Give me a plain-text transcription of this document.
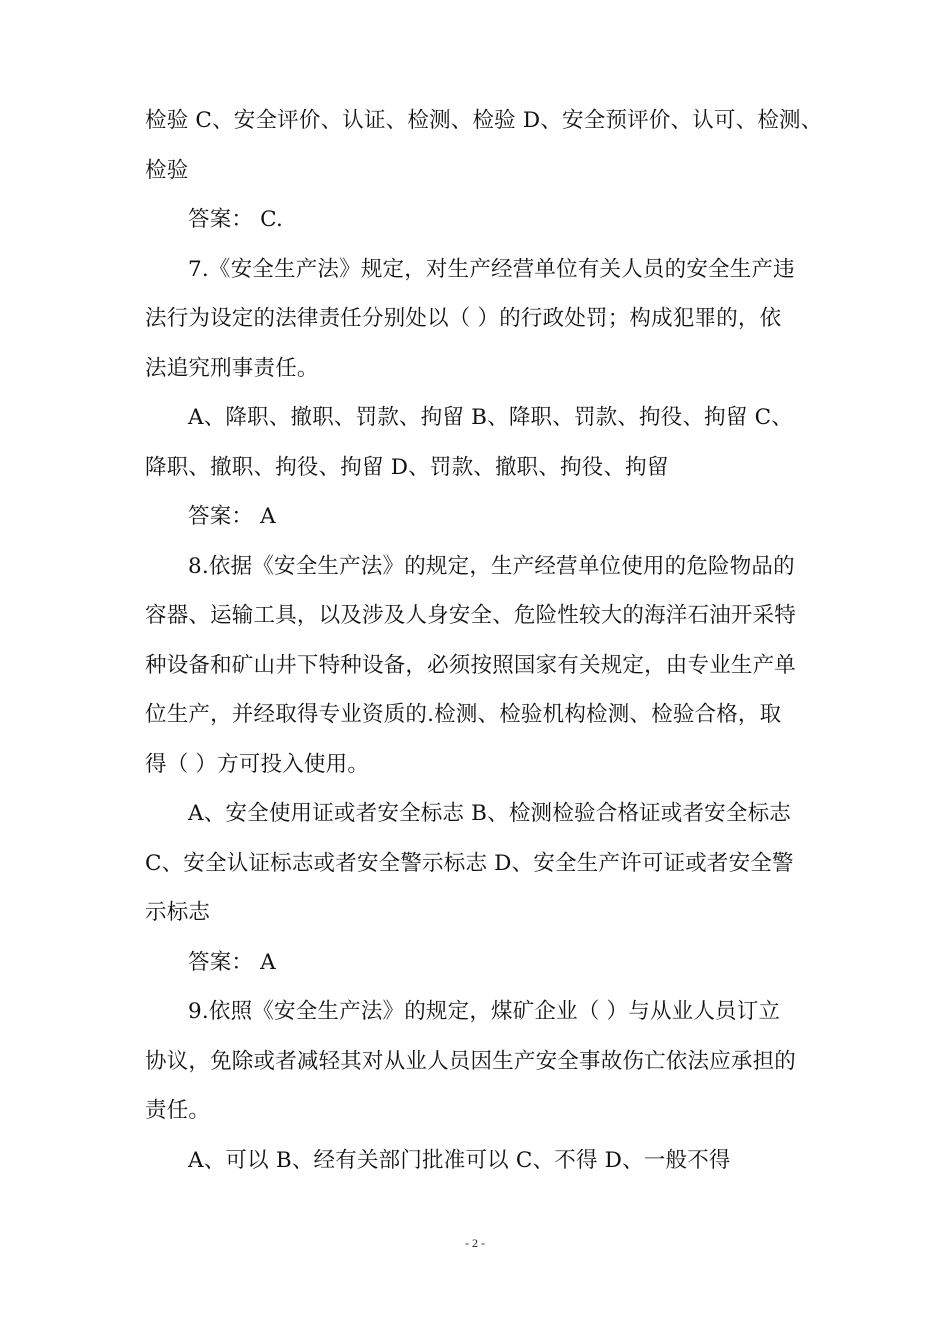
检验 C、安全评价、认证、检测、检验 D、安全预评价、认可、检测、
检验

答案： C.

7.《安全生产法》规定，对生产经营单位有关人员的安全生产违
法行为设定的法律责任分别处以（ ）的行政处罚；构成犯罪的，依
法追究刑事责任。

A、降职、撤职、罚款、拘留 B、降职、罚款、拘役、拘留 C、
降职、撤职、拘役、拘留 D、罚款、撤职、拘役、拘留

答案： A

8.依据《安全生产法》的规定，生产经营单位使用的危险物品的
容器、运输工具，以及涉及人身安全、危险性较大的海洋石油开采特
种设备和矿山井下特种设备，必须按照国家有关规定，由专业生产单
位生产，并经取得专业资质的.检测、检验机构检测、检验合格，取
得（ ）方可投入使用。

A、安全使用证或者安全标志 B、检测检验合格证或者安全标志
C、安全认证标志或者安全警示标志 D、安全生产许可证或者安全警
示标志

答案： A

9.依照《安全生产法》的规定，煤矿企业（ ）与从业人员订立
协议，免除或者减轻其对从业人员因生产安全事故伤亡依法应承担的
责任。

A、可以 B、经有关部门批准可以 C、不得 D、一般不得

- 2 -
